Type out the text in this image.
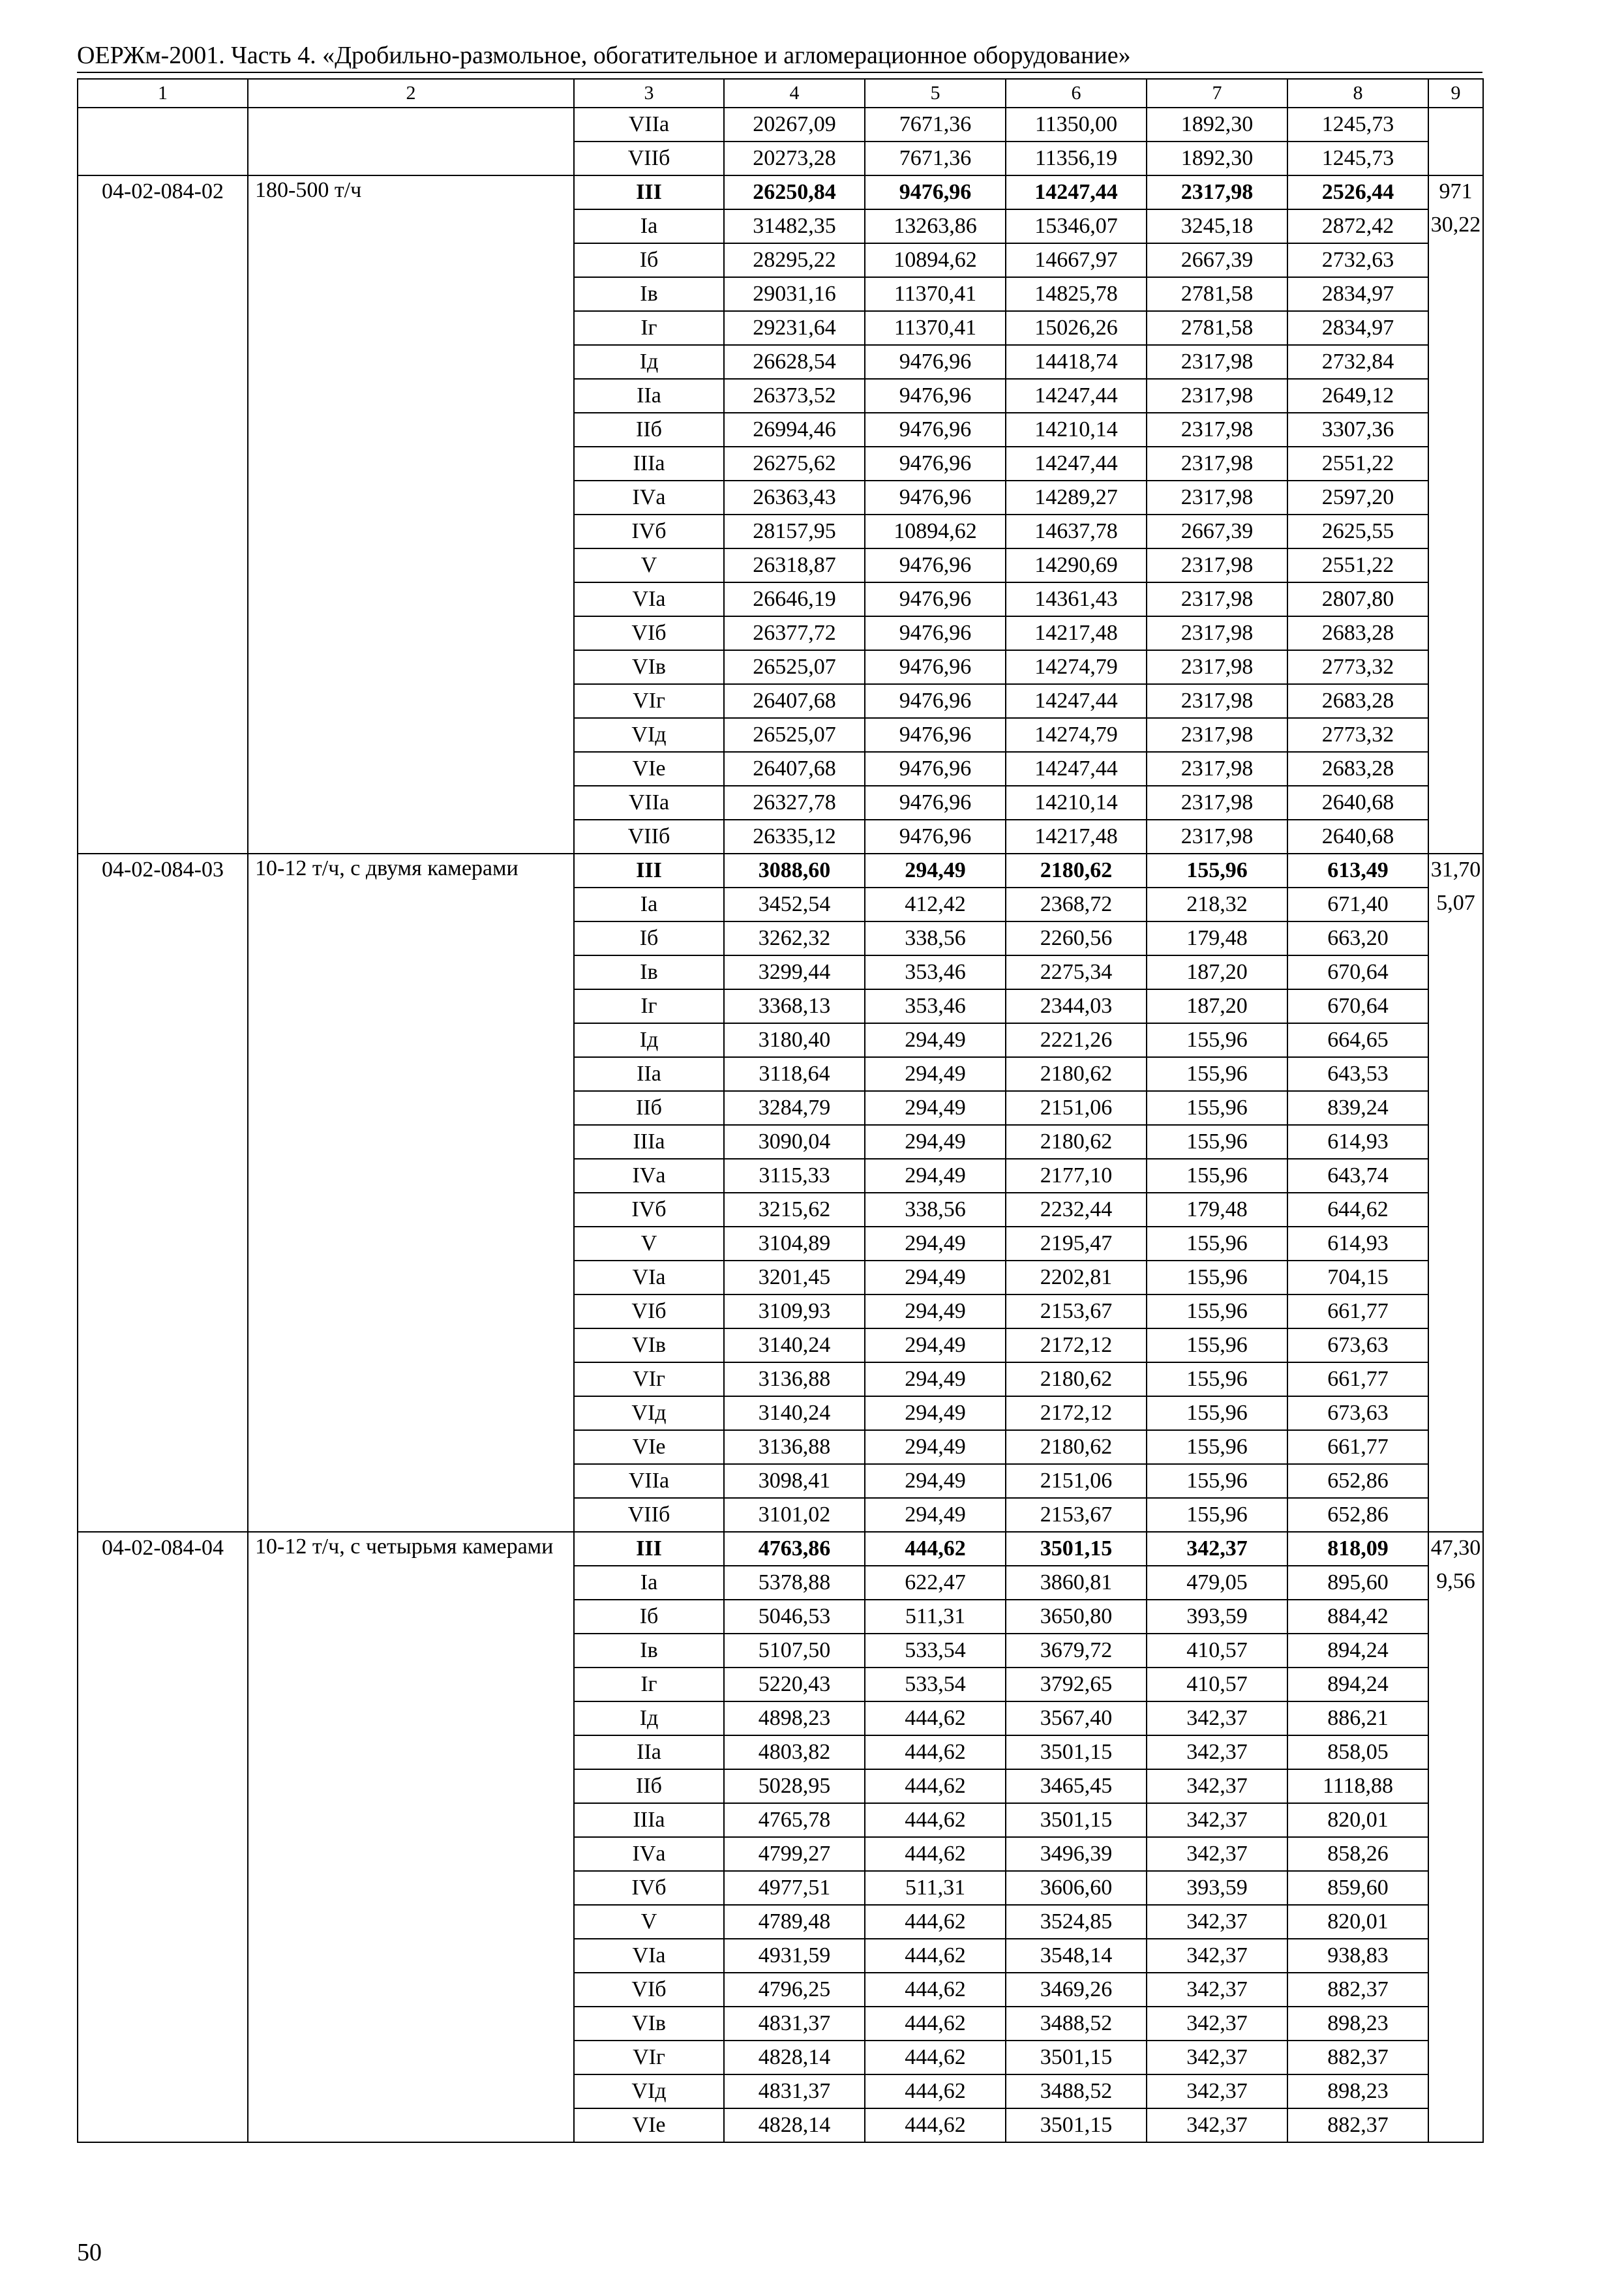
ОЕРЖм-2001. Часть 4. «Дробильно-размольное, обогатительное и агломерационное оборудование»
1	2	3	4	5	6	7	8	9
		VIIа	20267,09	7671,36	11350,00	1892,30	1245,73	
		VIIб	20273,28	7671,36	11356,19	1892,30	1245,73	
04-02-084-02	180-500 т/ч	III	26250,84	9476,96	14247,44	2317,98	2526,44	971
		Iа	31482,35	13263,86	15346,07	3245,18	2872,42	30,22
		Iб	28295,22	10894,62	14667,97	2667,39	2732,63	
		Iв	29031,16	11370,41	14825,78	2781,58	2834,97	
		Iг	29231,64	11370,41	15026,26	2781,58	2834,97	
		Iд	26628,54	9476,96	14418,74	2317,98	2732,84	
		IIа	26373,52	9476,96	14247,44	2317,98	2649,12	
		IIб	26994,46	9476,96	14210,14	2317,98	3307,36	
		IIIа	26275,62	9476,96	14247,44	2317,98	2551,22	
		IVа	26363,43	9476,96	14289,27	2317,98	2597,20	
		IVб	28157,95	10894,62	14637,78	2667,39	2625,55	
		V	26318,87	9476,96	14290,69	2317,98	2551,22	
		VIа	26646,19	9476,96	14361,43	2317,98	2807,80	
		VIб	26377,72	9476,96	14217,48	2317,98	2683,28	
		VIв	26525,07	9476,96	14274,79	2317,98	2773,32	
		VIг	26407,68	9476,96	14247,44	2317,98	2683,28	
		VIд	26525,07	9476,96	14274,79	2317,98	2773,32	
		VIе	26407,68	9476,96	14247,44	2317,98	2683,28	
		VIIа	26327,78	9476,96	14210,14	2317,98	2640,68	
		VIIб	26335,12	9476,96	14217,48	2317,98	2640,68	
04-02-084-03	10-12 т/ч, с двумя камерами	III	3088,60	294,49	2180,62	155,96	613,49	31,70
		Iа	3452,54	412,42	2368,72	218,32	671,40	5,07
		Iб	3262,32	338,56	2260,56	179,48	663,20	
		Iв	3299,44	353,46	2275,34	187,20	670,64	
		Iг	3368,13	353,46	2344,03	187,20	670,64	
		Iд	3180,40	294,49	2221,26	155,96	664,65	
		IIа	3118,64	294,49	2180,62	155,96	643,53	
		IIб	3284,79	294,49	2151,06	155,96	839,24	
		IIIа	3090,04	294,49	2180,62	155,96	614,93	
		IVа	3115,33	294,49	2177,10	155,96	643,74	
		IVб	3215,62	338,56	2232,44	179,48	644,62	
		V	3104,89	294,49	2195,47	155,96	614,93	
		VIа	3201,45	294,49	2202,81	155,96	704,15	
		VIб	3109,93	294,49	2153,67	155,96	661,77	
		VIв	3140,24	294,49	2172,12	155,96	673,63	
		VIг	3136,88	294,49	2180,62	155,96	661,77	
		VIд	3140,24	294,49	2172,12	155,96	673,63	
		VIе	3136,88	294,49	2180,62	155,96	661,77	
		VIIа	3098,41	294,49	2151,06	155,96	652,86	
		VIIб	3101,02	294,49	2153,67	155,96	652,86	
04-02-084-04	10-12 т/ч, с четырьмя камерами	III	4763,86	444,62	3501,15	342,37	818,09	47,30
		Iа	5378,88	622,47	3860,81	479,05	895,60	9,56
		Iб	5046,53	511,31	3650,80	393,59	884,42	
		Iв	5107,50	533,54	3679,72	410,57	894,24	
		Iг	5220,43	533,54	3792,65	410,57	894,24	
		Iд	4898,23	444,62	3567,40	342,37	886,21	
		IIа	4803,82	444,62	3501,15	342,37	858,05	
		IIб	5028,95	444,62	3465,45	342,37	1118,88	
		IIIа	4765,78	444,62	3501,15	342,37	820,01	
		IVа	4799,27	444,62	3496,39	342,37	858,26	
		IVб	4977,51	511,31	3606,60	393,59	859,60	
		V	4789,48	444,62	3524,85	342,37	820,01	
		VIа	4931,59	444,62	3548,14	342,37	938,83	
		VIб	4796,25	444,62	3469,26	342,37	882,37	
		VIв	4831,37	444,62	3488,52	342,37	898,23	
		VIг	4828,14	444,62	3501,15	342,37	882,37	
		VIд	4831,37	444,62	3488,52	342,37	898,23	
		VIе	4828,14	444,62	3501,15	342,37	882,37	
50
